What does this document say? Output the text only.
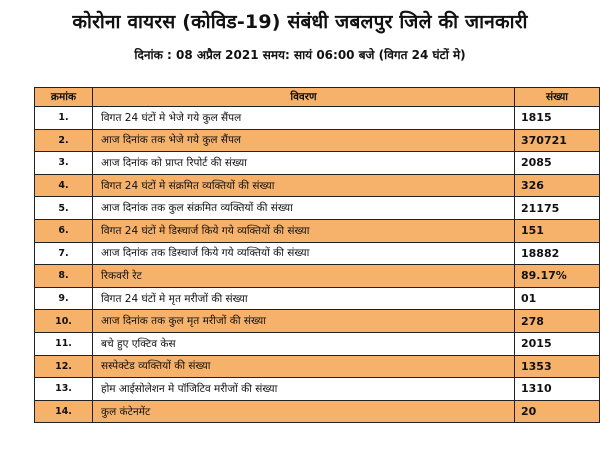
कोरोना वायरस (कोविड-19) संबंधी जबलपुर जिले की जानकारी
दिनांक : 08 अप्रैल 2021 समय: सायं 06:00 बजे (विगत 24 घंटों मे)
क्रमांक	विवरण	संख्या
1.	विगत 24 घंटों मे भेजे गये कुल सैंपल	1815
2.	आज दिनांक तक भेजे गये कुल सैंपल	370721
3.	आज दिनांक को प्राप्त रिपोर्ट की संख्या	2085
4.	विगत 24 घंटों मे संक्रमित व्यक्तियों की संख्या	326
5.	आज दिनांक तक कुल संक्रमित व्यक्तियों की संख्या	21175
6.	विगत 24 घंटों मे डिस्चार्ज किये गये व्यक्तियों की संख्या	151
7.	आज दिनांक तक डिस्चार्ज किये गये व्यक्तियों की संख्या	18882
8.	रिकवरी रेट	89.17%
9.	विगत 24 घंटों मे मृत मरीजों की संख्या	01
10.	आज दिनांक तक कुल मृत मरीजों की संख्या	278
11.	बचे हुए एक्टिव केस	2015
12.	सस्पेक्टेड व्यक्तियों की संख्या	1353
13.	होम आईसोलेशन मे पॉजिटिव मरीजों की संख्या	1310
14.	कुल कंटेनमेंट	20
